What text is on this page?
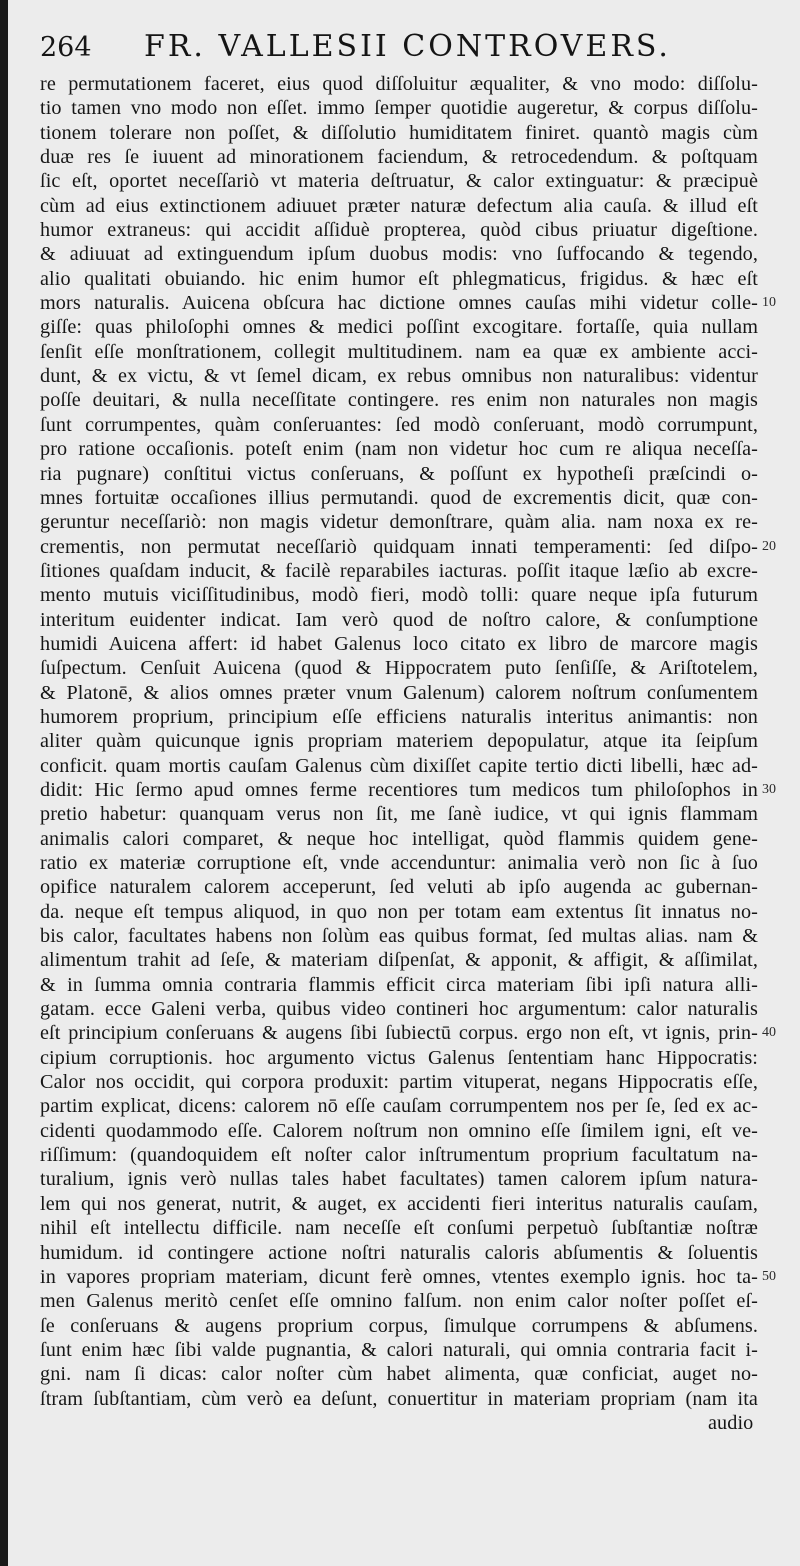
264 FR. VALLESII CONTROVERS.
re permutationem faceret, eius quod diſſoluitur æqualiter, & vno modo: diſſolu-
tio tamen vno modo non eſſet. immo ſemper quotidie augeretur, & corpus diſſolu-
tionem tolerare non poſſet, & diſſolutio humiditatem finiret. quantò magis cùm
duæ res ſe iuuent ad minorationem faciendum, & retrocedendum. & poſtquam
ſic eſt, oportet neceſſariò vt materia deſtruatur, & calor extinguatur: & præcipuè
cùm ad eius extinctionem adiuuet præter naturæ defectum alia cauſa. & illud eſt
humor extraneus: qui accidit aſſiduè propterea, quòd cibus priuatur digeſtione.
& adiuuat ad extinguendum ipſum duobus modis: vno ſuffocando & tegendo,
alio qualitati obuiando. hic enim humor eſt phlegmaticus, frigidus. & hæc eſt
mors naturalis. Auicena obſcura hac dictione omnes cauſas mihi videtur colle- 10
giſſe: quas philoſophi omnes & medici poſſint excogitare. fortaſſe, quia nullam
ſenſit eſſe monſtrationem, collegit multitudinem. nam ea quæ ex ambiente acci-
dunt, & ex victu, & vt ſemel dicam, ex rebus omnibus non naturalibus: videntur
poſſe deuitari, & nulla neceſſitate contingere. res enim non naturales non magis
ſunt corrumpentes, quàm conſeruantes: ſed modò conſeruant, modò corrumpunt,
pro ratione occaſionis. poteſt enim (nam non videtur hoc cum re aliqua neceſſa-
ria pugnare) conſtitui victus conſeruans, & poſſunt ex hypotheſi præſcindi o-
mnes fortuitæ occaſiones illius permutandi. quod de excrementis dicit, quæ con-
geruntur neceſſariò: non magis videtur demonſtrare, quàm alia. nam noxa ex re-
crementis, non permutat neceſſariò quidquam innati temperamenti: ſed diſpo- 20
ſitiones quaſdam inducit, & facilè reparabiles iacturas. poſſit itaque læſio ab excre-
mento mutuis viciſſitudinibus, modò fieri, modò tolli: quare neque ipſa futurum
interitum euidenter indicat. Iam verò quod de noſtro calore, & conſumptione
humidi Auicena affert: id habet Galenus loco citato ex libro de marcore magis
ſuſpectum. Cenſuit Auicena (quod & Hippocratem puto ſenſiſſe, & Ariſtotelem,
& Platonē, & alios omnes præter vnum Galenum) calorem noſtrum conſumentem
humorem proprium, principium eſſe efficiens naturalis interitus animantis: non
aliter quàm quicunque ignis propriam materiem depopulatur, atque ita ſeipſum
conficit. quam mortis cauſam Galenus cùm dixiſſet capite tertio dicti libelli, hæc ad-
didit: Hic ſermo apud omnes ferme recentiores tum medicos tum philoſophos in 30
pretio habetur: quanquam verus non ſit, me ſanè iudice, vt qui ignis flammam
animalis calori comparet, & neque hoc intelligat, quòd flammis quidem gene-
ratio ex materiæ corruptione eſt, vnde accenduntur: animalia verò non ſic à ſuo
opifice naturalem calorem acceperunt, ſed veluti ab ipſo augenda ac gubernan-
da. neque eſt tempus aliquod, in quo non per totam eam extentus ſit innatus no-
bis calor, facultates habens non ſolùm eas quibus format, ſed multas alias. nam &
alimentum trahit ad ſeſe, & materiam diſpenſat, & apponit, & affigit, & aſſimilat,
& in ſumma omnia contraria flammis efficit circa materiam ſibi ipſi natura alli-
gatam. ecce Galeni verba, quibus video contineri hoc argumentum: calor naturalis
eſt principium conſeruans & augens ſibi ſubiectū corpus. ergo non eſt, vt ignis, prin- 40
cipium corruptionis. hoc argumento victus Galenus ſententiam hanc Hippocratis:
Calor nos occidit, qui corpora produxit: partim vituperat, negans Hippocratis eſſe,
partim explicat, dicens: calorem nō eſſe cauſam corrumpentem nos per ſe, ſed ex ac-
cidenti quodammodo eſſe. Calorem noſtrum non omnino eſſe ſimilem igni, eſt ve-
riſſimum: (quandoquidem eſt noſter calor inſtrumentum proprium facultatum na-
turalium, ignis verò nullas tales habet facultates) tamen calorem ipſum natura-
lem qui nos generat, nutrit, & auget, ex accidenti fieri interitus naturalis cauſam,
nihil eſt intellectu difficile. nam neceſſe eſt conſumi perpetuò ſubſtantiæ noſtræ
humidum. id contingere actione noſtri naturalis caloris abſumentis & ſoluentis
in vapores propriam materiam, dicunt ferè omnes, vtentes exemplo ignis. hoc ta- 50
men Galenus meritò cenſet eſſe omnino falſum. non enim calor noſter poſſet eſ-
ſe conſeruans & augens proprium corpus, ſimulque corrumpens & abſumens.
ſunt enim hæc ſibi valde pugnantia, & calori naturali, qui omnia contraria facit i-
gni. nam ſi dicas: calor noſter cùm habet alimenta, quæ conficiat, auget no-
ſtram ſubſtantiam, cùm verò ea deſunt, conuertitur in materiam propriam (nam ita
audio
